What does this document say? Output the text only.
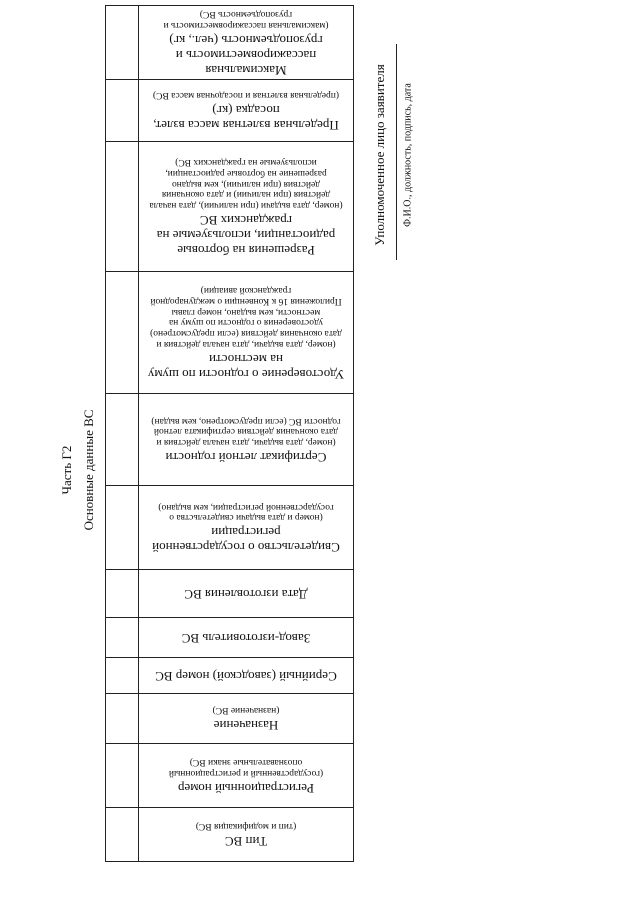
Часть Г2 Основные данные ВС
Тип ВС
(тип и модификация ВС)	

Регистрационный номер
(государственный и регистрационный опознавательные знаки ВС)	

Назначение
(назначение ВС)	

Серийный (заводской) номер ВС	

Завод-изготовитель ВС	

Дата изготовления ВС	

Свидетельство о государственной регистрации
(номер и дата выдачи свидетельства о государственной регистрации, кем выдано)	

Сертификат летной годности
(номер, дата выдачи, дата начала действия и дата окончания действия сертификата летной годности ВС (если предусмотрено, кем выдан)	

Удостоверение о годности по шуму на местности
(номер, дата выдачи, дата начала действия и дата окончания действия (если предусмотрено) удостоверения о годности по шуму на местности, кем выдано, номер главы Приложения 16 к Конвенции о международной гражданской авиации)	

Разрешения на бортовые радиостанции, используемые на гражданских ВС
(номер, дата выдачи (при наличии), дата начала действия (при наличии) и дата окончания действия (при наличии), кем выдано разрешение на бортовые радиостанции, используемые на гражданских ВС)	

Предельная взлетная масса взлет, посадка (кг)
(предельная взлетная и посадочная масса ВС)	

Максимальная пассажировместимость и грузоподъемность (чел., кг)
(максимальная пассажировместимость и грузоподъемность ВС)	

Уполномоченное лицо заявителя Ф.И.О., должность, подпись, дата
